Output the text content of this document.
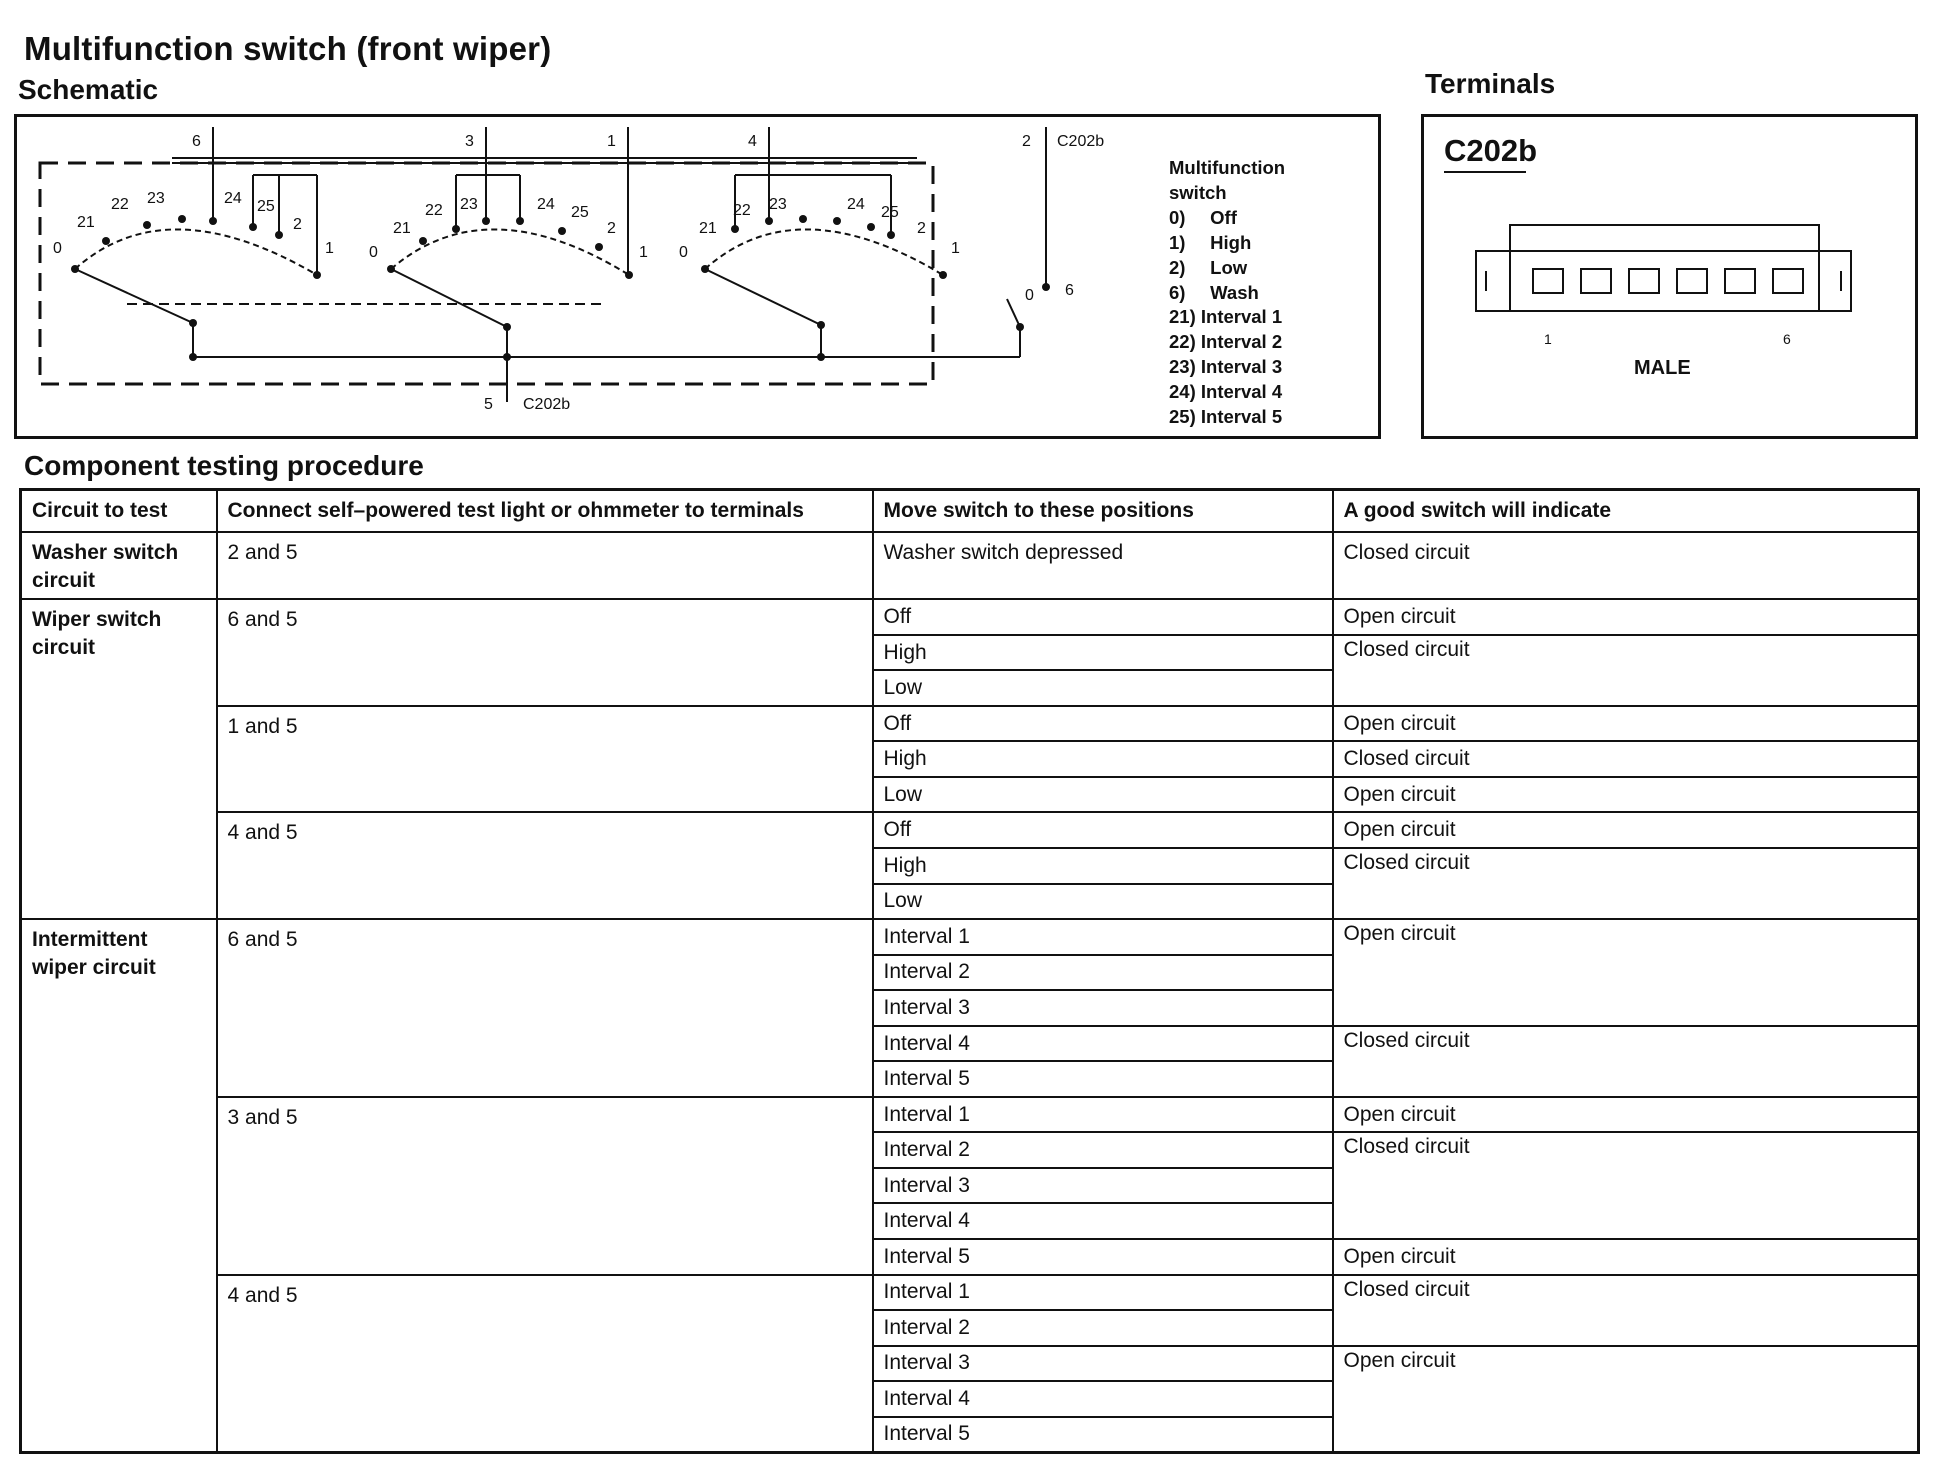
Multifunction switch (front wiper)
Schematic	Terminals
6	3	1	4	2 C202b
5 C202b
0 6
0
21
22 23	24 25
2
1 0
21
22 23	24 25
2
1 0
21
22 23	24 25
2
1
Multifunction
switch
0) Off
1) High
2) Low
6) Wash
21) Interval 1
22) Interval 2
23) Interval 3
24) Interval 4
25) Interval 5
C202b
1	6
MALE
Component testing procedure
Circuit to test	Connect self–powered test light or ohmmeter to terminals	Move switch to these positions	A good switch will indicate
Washer switch circuit	2 and 5	Washer switch depressed	Closed circuit
Wiper switch circuit	6 and 5	Off	Open circuit
		High	Closed circuit
		Low	
	1 and 5	Off	Open circuit
		High	Closed circuit
		Low	Open circuit
	4 and 5	Off	Open circuit
		High	Closed circuit
		Low	
Intermittent wiper circuit	6 and 5	Interval 1	Open circuit
		Interval 2	
		Interval 3	
		Interval 4	Closed circuit
		Interval 5	
	3 and 5	Interval 1	Open circuit
		Interval 2	Closed circuit
		Interval 3	
		Interval 4	
		Interval 5	Open circuit
	4 and 5	Interval 1	Closed circuit
		Interval 2	
		Interval 3	Open circuit
		Interval 4	
		Interval 5	
